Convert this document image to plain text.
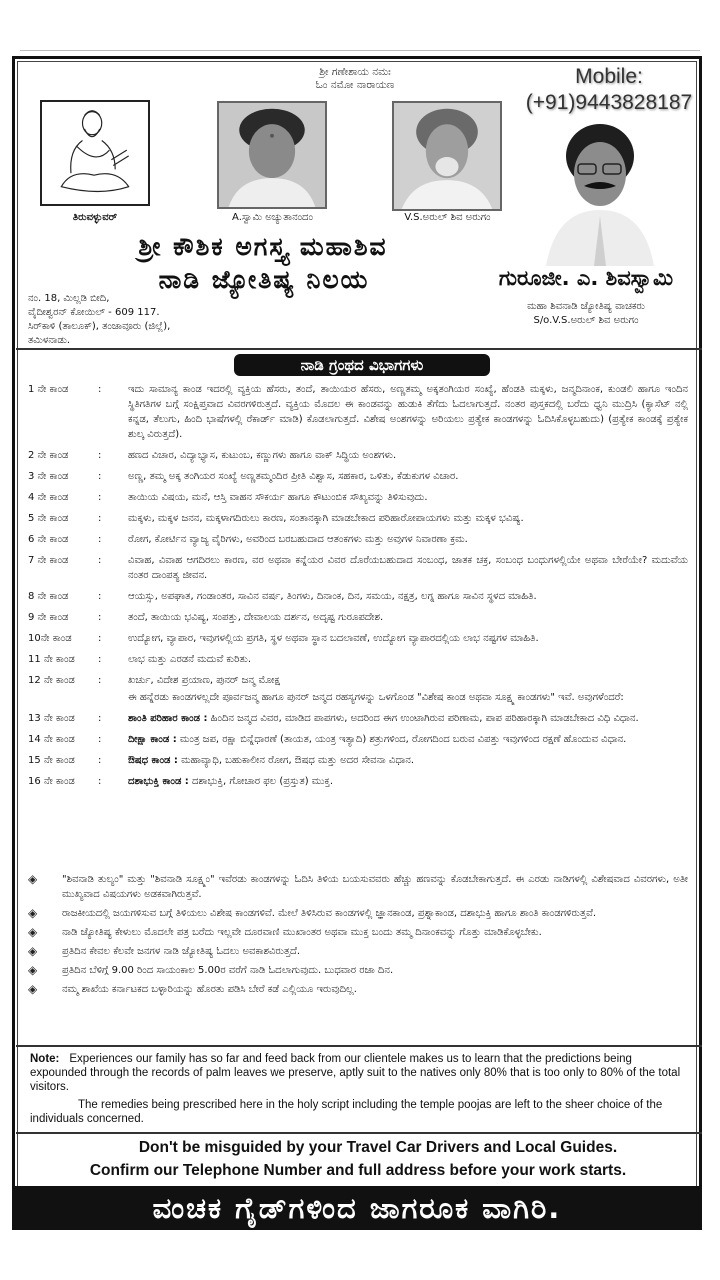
ಶ್ರೀ ಗಣೇಶಾಯ ನಮಃ
ಓಂ ನಮೋ ನಾರಾಯಣ	Mobile:
(+91)9443828187
ತಿರುವಳ್ಳುವರ್	A.ಸ್ವಾಮಿ ಅಚ್ಯುತಾನಂದಂ	V.S.ಅರುಲ್ ಶಿವ ಅರುಗಂ
ಶ್ರೀ ಕೌಶಿಕ ಅಗಸ್ತ್ಯ ಮಹಾಶಿವ
ನಾಡಿ ಜ್ಯೋತಿಷ್ಯ ನಿಲಯ	ಗುರೂಜೀ. ಎ. ಶಿವಸ್ವಾಮಿ
ನಂ. 18, ಮಿಲ್ಲಡಿ ಬೀದಿ,
ವೈದೀಶ್ವರನ್ ಕೋಯಿಲ್ - 609 117.
ಸಿರ್‌ಕಾಳಿ (ತಾಲೂಕ್), ತಂಜಾವೂರು (ಜಿಲ್ಲೆ),
ತಮಿಳನಾಡು.
ಮಹಾ ಶಿವನಾಡಿ ಜ್ಯೋತಿಷ್ಯ ವಾಚಕರು
S/o.V.S.ಅರುಲ್ ಶಿವ ಅರುಗಂ
ನಾಡಿ ಗ್ರಂಥದ ವಿಭಾಗಗಳು
1 ನೇ ಕಾಂಡ	:	ಇದು ಸಾಮಾನ್ಯ ಕಾಂಡ ಇದರಲ್ಲಿ ವ್ಯಕ್ತಿಯ ಹೆಸರು, ತಂದೆ, ತಾಯಿಯರ ಹೆಸರು, ಅಣ್ಣತಮ್ಮ ಅಕ್ಕತಂಗಿಯರ ಸಂಖ್ಯೆ, ಹೆಂಡತಿ ಮಕ್ಕಳು, ಜನ್ಮದಿನಾಂಕ, ಕುಂಡಲಿ ಹಾಗೂ ಇಂದಿನ ಸ್ಥಿತಿಗತಿಗಳ ಬಗ್ಗೆ ಸಂಕ್ಷಿಪ್ತವಾದ ವಿವರಗಳಿರುತ್ತದೆ. ವ್ಯಕ್ತಿಯ ಮೊದಲ ಈ ಕಾಂಡವನ್ನು ಹುಡುಕಿ ತೆಗೆದು ಓದಲಾಗುತ್ತದೆ. ನಂತರ ಪುಸ್ತಕದಲ್ಲಿ ಬರೆದು ಧ್ವನಿ ಮುದ್ರಿಸಿ (ಕ್ಯಾಸೆಟ್ ನಲ್ಲಿ ಕನ್ನಡ, ತೆಲುಗು, ಹಿಂದಿ ಭಾಷೆಗಳಲ್ಲಿ ರೆಕಾರ್ಡ್ ಮಾಡಿ) ಕೊಡಲಾಗುತ್ತದೆ. ವಿಶೇಷ ಅಂಶಗಳನ್ನು ಅರಿಯಲು ಪ್ರತ್ಯೇಕ ಕಾಂಡಗಳನ್ನು ಓದಿಸಿಕೊಳ್ಳಬಹುದು) (ಪ್ರತ್ಯೇಕ ಕಾಂಡಕ್ಕೆ ಪ್ರತ್ಯೇಕ ಶುಲ್ಕ ವಿರುತ್ತದೆ).
2 ನೇ ಕಾಂಡ	:	ಹಣದ ವಿಚಾರ, ವಿದ್ಯಾಭ್ಯಾಸ, ಕುಟುಂಬ, ಕಣ್ಣುಗಳು ಹಾಗೂ ವಾಕ್ ಸಿದ್ಧಿಯ ಅಂಶಗಳು.
3 ನೇ ಕಾಂಡ	:	ಅಣ್ಣ, ತಮ್ಮ ಅಕ್ಕ ತಂಗಿಯರ ಸಂಖ್ಯೆ ಅಣ್ಣತಮ್ಮಂದಿರ ಪ್ರೀತಿ ವಿಶ್ವಾಸ, ಸಹಕಾರ, ಒಳಿತು, ಕೆಡುಕುಗಳ ವಿಚಾರ.
4 ನೇ ಕಾಂಡ	:	ತಾಯಿಯ ವಿಷಯ, ಮನೆ, ಆಸ್ತಿ ವಾಹನ ಸೌಕರ್ಯ ಹಾಗೂ ಕೌಟುಂಬಿಕ ಸೌಖ್ಯವನ್ನು ತಿಳಿಸುವುದು.
5 ನೇ ಕಾಂಡ	:	ಮಕ್ಕಳು, ಮಕ್ಕಳ ಜನನ, ಮಕ್ಕಳಾಗದಿರುಲು ಕಾರಣ, ಸಂತಾನಕ್ಕಾಗಿ ಮಾಡಬೇಕಾದ ಪರಿಹಾರೋಪಾಯಗಳು ಮತ್ತು ಮಕ್ಕಳ ಭವಿಷ್ಯ.
6 ನೇ ಕಾಂಡ	:	ರೋಗ, ಕೋರ್ಟಿನ ವ್ಯಾಜ್ಯ ವೈರಿಗಳು, ಅವರಿಂದ ಬರಬಹುದಾದ ಆತಂಕಗಳು ಮತ್ತು ಅವುಗಳ ನಿವಾರಣಾ ಕ್ರಮ.
7 ನೇ ಕಾಂಡ	:	ವಿವಾಹ, ವಿವಾಹ ಆಗದಿರಲು ಕಾರಣ, ವರ ಅಥವಾ ಕನ್ನೆಯರ ವಿವರ ದೊರೆಯಬಹುದಾದ ಸಂಬಂಧ, ಜಾತಕ ಚಕ್ರ, ಸಂಬಂಧ ಬಂಧುಗಳಲ್ಲಿಯೇ ಅಥವಾ ಬೇರೆಯೇ? ಮದುವೆಯ ನಂತರ ದಾಂಪತ್ಯ ಜೀವನ.
8 ನೇ ಕಾಂಡ	:	ಆಯಸ್ಸು, ಅಪಘಾತ, ಗಂಡಾಂತರ, ಸಾವಿನ ವರ್ಷ, ತಿಂಗಳು, ದಿನಾಂಕ, ದಿನ, ಸಮಯ, ನಕ್ಷತ್ರ, ಲಗ್ನ ಹಾಗೂ ಸಾವಿನ ಸ್ಥಳದ ಮಾಹಿತಿ.
9 ನೇ ಕಾಂಡ	:	ತಂದೆ, ತಾಯಿಯ ಭವಿಷ್ಯ, ಸಂಪತ್ತು, ದೇವಾಲಯ ದರ್ಶನ, ಅದೃಷ್ಟ ಗುರೂಪದೇಶ.
10ನೇ ಕಾಂಡ	:	ಉದ್ಯೋಗ, ವ್ಯಾಪಾರ, ಇವುಗಳಲ್ಲಿಯ ಪ್ರಗತಿ, ಸ್ಥಳ ಅಥವಾ ಸ್ಥಾನ ಬದಲಾವಣೆ, ಉದ್ಯೋಗ ವ್ಯಾಪಾರದಲ್ಲಿಯ ಲಾಭ ನಷ್ಟಗಳ ಮಾಹಿತಿ.
11 ನೇ ಕಾಂಡ	:	ಲಾಭ ಮತ್ತು ಎರಡನೆ ಮದುವೆ ಕುರಿತು.
12 ನೇ ಕಾಂಡ	:	ಖರ್ಚು, ವಿದೇಶ ಪ್ರಯಾಣ, ಪುನರ್ ಜನ್ಮ ಮೋಕ್ಷ
ಈ ಹನ್ನೆರಡು ಕಾಂಡಗಳಲ್ಲದೇ ಪೂರ್ವಜನ್ಮ ಹಾಗೂ ಪುನರ್ ಜನ್ಮದ ರಹಸ್ಯಗಳನ್ನು ಒಳಗೊಂಡ "ವಿಶೇಷ ಕಾಂಡ ಅಥವಾ ಸೂಕ್ಷ್ಮ ಕಾಂಡಗಳು" ಇವೆ. ಅವುಗಳೆಂದರೆ:
13 ನೇ ಕಾಂಡ	:	ಶಾಂತಿ ಪರಿಹಾರ ಕಾಂಡ : ಹಿಂದಿನ ಜನ್ಮದ ವಿವರ, ಮಾಡಿದ ಪಾಪಗಳು, ಅದರಿಂದ ಈಗ ಉಂಟಾಗಿರುವ ಪರಿಣಾಮ, ಪಾಪ ಪರಿಹಾರಕ್ಕಾಗಿ ಮಾಡಬೇಕಾದ ವಿಧಿ ವಿಧಾನ.
14 ನೇ ಕಾಂಡ	:	ದೀಕ್ಷಾ ಕಾಂಡ : ಮಂತ್ರ ಜಪ, ರಕ್ಷಾ ಬಿನ್ನೆಧಾರಣೆ (ತಾಯತ, ಯಂತ್ರ ಇತ್ಯಾದಿ) ಶತ್ರುಗಳಿಂದ, ರೋಗದಿಂದ ಬರುವ ವಿಪತ್ತು ಇವುಗಳಿಂದ ರಕ್ಷಣೆ ಹೊಂದುವ ವಿಧಾನ.
15 ನೇ ಕಾಂಡ	:	ಔಷಧ ಕಾಂಡ : ಮಹಾವ್ಯಾಧಿ, ಬಹುಕಾಲೀನ ರೋಗ, ಔಷಧ ಮತ್ತು ಅದರ ಸೇವನಾ ವಿಧಾನ.
16 ನೇ ಕಾಂಡ	:	ದಶಾಭುಕ್ತಿ ಕಾಂಡ : ದಶಾಭುಕ್ತಿ, ಗೋಚಾರ ಫಲ (ಪ್ರಸ್ತುತ) ಮುಕ್ತ.
◈	"ಶಿವನಾಡಿ ತುಲ್ಯಂ" ಮತ್ತು "ಶಿವನಾಡಿ ಸೂಕ್ಷ್ಮಂ" ಇವೆರಡು ಕಾಂಡಗಳನ್ನು ಓದಿಸಿ ತಿಳಿಯ ಬಯಸುವವರು ಹೆಚ್ಚು ಹಣವನ್ನು ಕೊಡಬೇಕಾಗುತ್ತದೆ. ಈ ಎರಡು ನಾಡಿಗಳಲ್ಲಿ ವಿಶೇಷವಾದ ವಿವರಗಳು, ಅತೀ ಮುಖ್ಯವಾದ ವಿಷಯಗಳು ಅಡಕವಾಗಿರುತ್ತವೆ.
◈	ರಾಜಕೀಯದಲ್ಲಿ ಜಯಗಳಿಸುವ ಬಗ್ಗೆ ತಿಳಿಯಲು ವಿಶೇಷ ಕಾಂಡಗಳಿವೆ. ಮೇಲೆ ತಿಳಿಸಿರುವ ಕಾಂಡಗಳಲ್ಲಿ ಜ್ಞಾನಕಾಂಡ, ಪ್ರಶ್ನಾಕಾಂಡ, ದಶಾಭುಕ್ತಿ ಹಾಗೂ ಶಾಂತಿ ಕಾಂಡಗಳಿರುತ್ತವೆ.
◈	ನಾಡಿ ಜ್ಯೋತಿಷ್ಯ ಕೇಳುಲು ಮೊದಲೇ ಪತ್ರ ಬರೆದು ಇಲ್ಲವೇ ದೂರವಾಣಿ ಮುಖಾಂತರ ಅಥವಾ ಮುಕ್ತ ಬಂದು ತಮ್ಮ ದಿನಾಂಕವನ್ನು ಗೊತ್ತು ಮಾಡಿಕೊಳ್ಳಬೇಕು.
◈	ಪ್ರತಿದಿನ ಕೇವಲ ಕೆಲವೇ ಜನಗಳ ನಾಡಿ ಜ್ಯೋತಿಷ್ಯ ಓದಲು ಅವಕಾಶವಿರುತ್ತದೆ.
◈	ಪ್ರತಿದಿನ ಬೆಳಿಗ್ಗೆ 9.00 ರಿಂದ ಸಾಯಂಕಾಲ 5.00ರ ವರೆಗೆ ನಾಡಿ ಓದಲಾಗುವುದು. ಬುಧವಾರ ರಜಾ ದಿನ.
◈	ನಮ್ಮ ಶಾಖೆಯ ಕರ್ನಾಟಕದ ಬಳ್ಳಾರಿಯನ್ನು ಹೊರತು ಪಡಿಸಿ ಬೇರೆ ಕಡೆ ಎಲ್ಲಿಯೂ ಇರುವುದಿಲ್ಲ.

Note: Experiences our family has so far and feed back from our clientele makes us to learn that the predictions being expounded through the records of palm leaves we preserve, aptly suit to the natives only 80% that is too only to 80% of the total visitors.

The remedies being prescribed here in the holy script including the temple poojas are left to the sheer choice of the individuals concerned.

Don't be misguided by your Travel Car Drivers and Local Guides.
Confirm our Telephone Number and full address before your work starts.
ವಂಚಕ ಗೈಡ್‌ಗಳಿಂದ ಜಾಗರೂಕ ವಾಗಿರಿ.
